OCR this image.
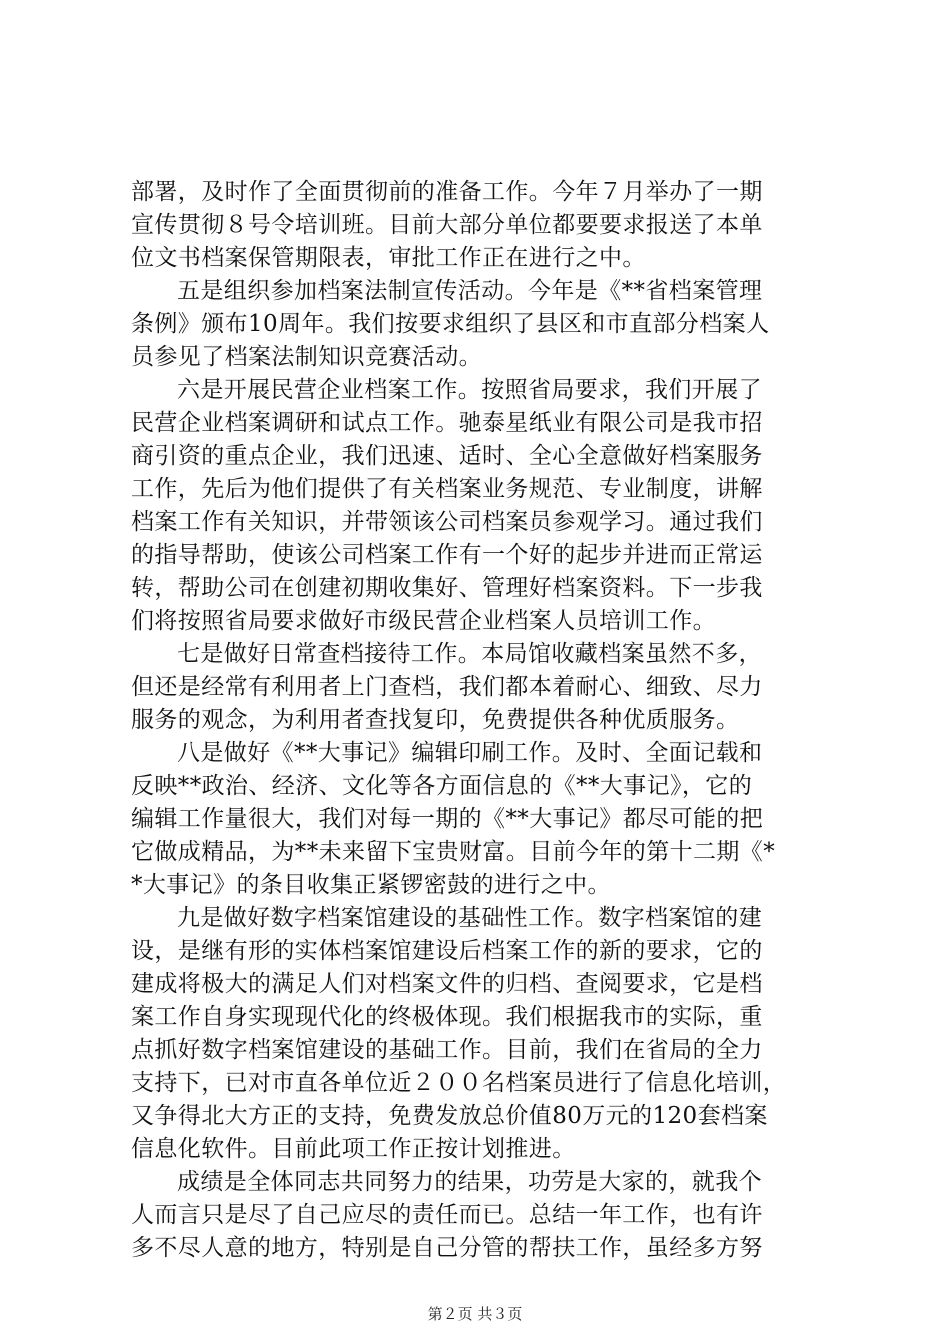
部署，及时作了全面贯彻前的准备工作。今年７月举办了一期
宣传贯彻８号令培训班。目前大部分单位都要要求报送了本单
位文书档案保管期限表，审批工作正在进行之中。
五是组织参加档案法制宣传活动。今年是《**省档案管理
条例》颁布10周年。我们按要求组织了县区和市直部分档案人
员参见了档案法制知识竞赛活动。
六是开展民营企业档案工作。按照省局要求，我们开展了
民营企业档案调研和试点工作。驰泰星纸业有限公司是我市招
商引资的重点企业，我们迅速、适时、全心全意做好档案服务
工作，先后为他们提供了有关档案业务规范、专业制度，讲解
档案工作有关知识，并带领该公司档案员参观学习。通过我们
的指导帮助，使该公司档案工作有一个好的起步并进而正常运
转，帮助公司在创建初期收集好、管理好档案资料。下一步我
们将按照省局要求做好市级民营企业档案人员培训工作。
七是做好日常查档接待工作。本局馆收藏档案虽然不多，
但还是经常有利用者上门查档，我们都本着耐心、细致、尽力
服务的观念，为利用者查找复印，免费提供各种优质服务。
八是做好《**大事记》编辑印刷工作。及时、全面记载和
反映**政治、经济、文化等各方面信息的《**大事记》，它的
编辑工作量很大，我们对每一期的《**大事记》都尽可能的把
它做成精品，为**未来留下宝贵财富。目前今年的第十二期《*
*大事记》的条目收集正紧锣密鼓的进行之中。
九是做好数字档案馆建设的基础性工作。数字档案馆的建
设，是继有形的实体档案馆建设后档案工作的新的要求，它的
建成将极大的满足人们对档案文件的归档、查阅要求，它是档
案工作自身实现现代化的终极体现。我们根据我市的实际，重
点抓好数字档案馆建设的基础工作。目前，我们在省局的全力
支持下，已对市直各单位近２００名档案员进行了信息化培训，
又争得北大方正的支持，免费发放总价值80万元的120套档案
信息化软件。目前此项工作正按计划推进。
成绩是全体同志共同努力的结果，功劳是大家的，就我个
人而言只是尽了自己应尽的责任而已。总结一年工作，也有许
多不尽人意的地方，特别是自己分管的帮扶工作，虽经多方努
第２页 共３页
